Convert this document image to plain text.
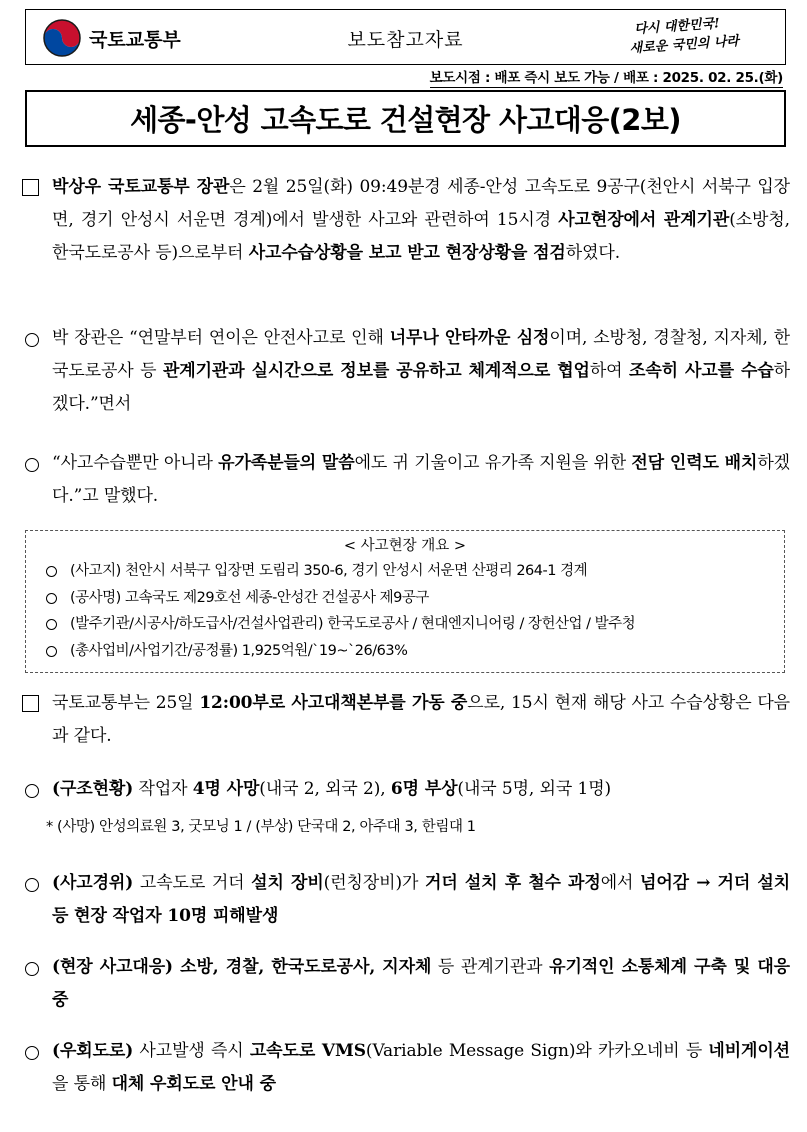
국토교통부	보도참고자료
다시 대한민국!
새로운 국민의 나라
보도시점 : 배포 즉시 보도 가능 / 배포 : 2025. 02. 25.(화)
세종-안성 고속도로 건설현장 사고대응(2보)
박상우 국토교통부 장관은 2월 25일(화) 09:49분경 세종-안성 고속도로 9공구(천안시 서북구 입장면, 경기 안성시 서운면 경계)에서 발생한 사고와 관련하여 15시경 사고현장에서 관계기관(소방청, 한국도로공사 등)으로부터 사고수습상황을 보고 받고 현장상황을 점검하였다.
박 장관은 “연말부터 연이은 안전사고로 인해 너무나 안타까운 심정이며, 소방청, 경찰청, 지자체, 한국도로공사 등 관계기관과 실시간으로 정보를 공유하고 체계적으로 협업하여 조속히 사고를 수습하겠다.”면서
“사고수습뿐만 아니라 유가족분들의 말씀에도 귀 기울이고 유가족 지원을 위한 전담 인력도 배치하겠다.”고 말했다.
< 사고현장 개요 >
(사고지) 천안시 서북구 입장면 도림리 350-6, 경기 안성시 서운면 산평리 264-1 경계
(공사명) 고속국도 제29호선 세종-안성간 건설공사 제9공구
(발주기관/시공사/하도급사/건설사업관리) 한국도로공사 / 현대엔지니어링 / 장헌산업 / 발주청
(총사업비/사업기간/공정률) 1,925억원/`19~`26/63%
국토교통부는 25일 12:00부로 사고대책본부를 가동 중으로, 15시 현재 해당 사고 수습상황은 다음과 같다.
(구조현황) 작업자 4명 사망(내국 2, 외국 2), 6명 부상(내국 5명, 외국 1명)
* (사망) 안성의료원 3, 굿모닝 1 / (부상) 단국대 2, 아주대 3, 한림대 1
(사고경위) 고속도로 거더 설치 장비(런칭장비)가 거더 설치 후 철수 과정에서 넘어감 → 거더 설치 등 현장 작업자 10명 피해발생
(현장 사고대응) 소방, 경찰, 한국도로공사, 지자체 등 관계기관과 유기적인 소통체계 구축 및 대응 중
(우회도로) 사고발생 즉시 고속도로 VMS(Variable Message Sign)와 카카오네비 등 네비게이션을 통해 대체 우회도로 안내 중
